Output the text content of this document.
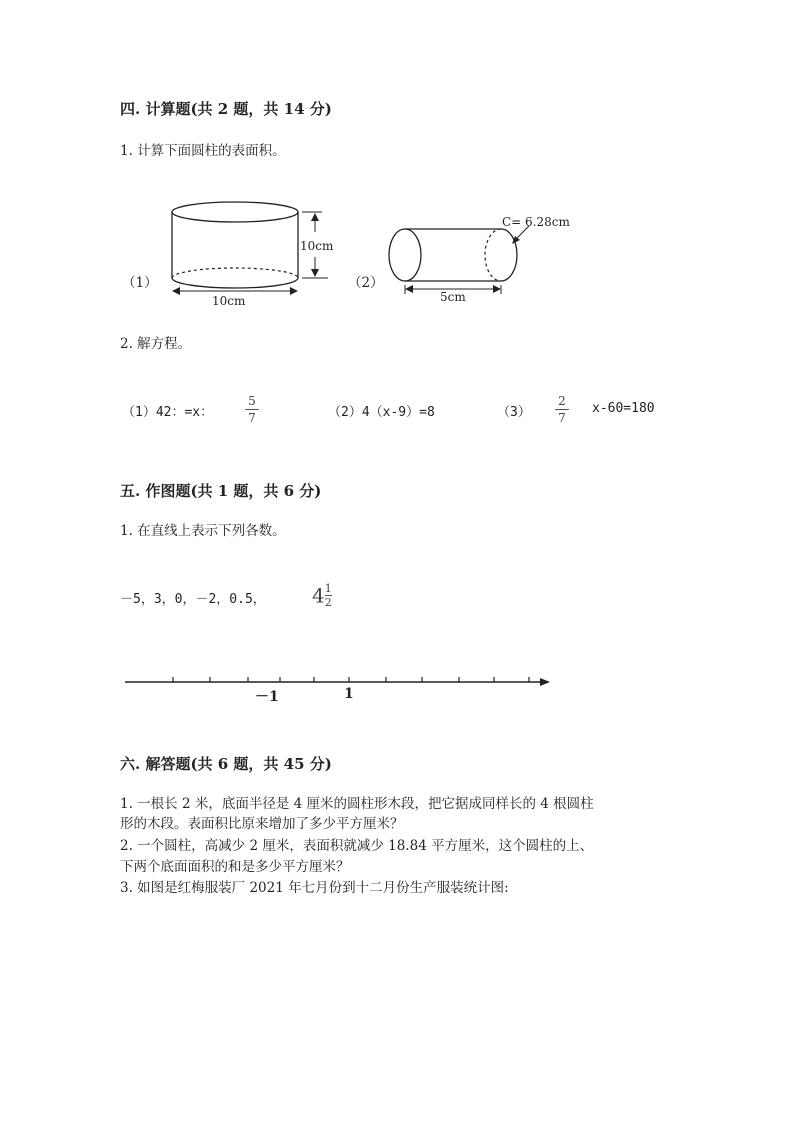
四. 计算题(共 2 题，共 14 分)
1. 计算下面圆柱的表面积。
（1）
10cm
10cm
（2）
C= 6.28cm
5cm
2. 解方程。
（1）42：=x：
5
7	（2）4（x-9）=8	（3）
2
7
x-60=180
五. 作图题(共 1 题，共 6 分)
1. 在直线上表示下列各数。
－5，3，0，－2，0.5， $4\frac{1}{2}$
－1	1
六. 解答题(共 6 题，共 45 分)
1. 一根长 2 米，底面半径是 4 厘米的圆柱形木段，把它据成同样长的 4 根圆柱
形的木段。表面积比原来增加了多少平方厘米？
2. 一个圆柱，高减少 2 厘米，表面积就减少 18.84 平方厘米，这个圆柱的上、
下两个底面面积的和是多少平方厘米？
3. 如图是红梅服装厂 2021 年七月份到十二月份生产服装统计图:
